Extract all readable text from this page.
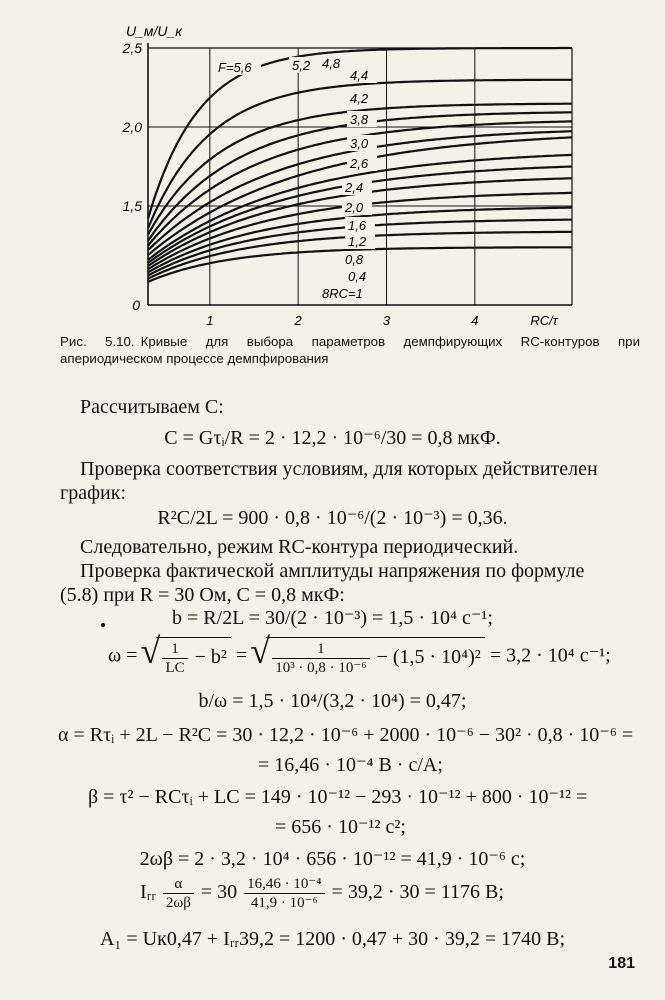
2,5
2,0
1,5
0
1	2	3	4	RC/τ
U_м/U_к
F=5,6	5,2 4,8
4,4
4,2
3,8
3,0
2,6
2,4
2,0
1,6
1,2
0,8
0,4
8RC=1
Рис. 5.10. Кривые для выбора параметров демпфирующих RC-контуров при апериодическом процессе демпфирования
Рассчитываем C:
C = Gτᵢ/R = 2 · 12,2 · 10⁻⁶/30 = 0,8 мкФ.
Проверка соответствия условиям, для которых действителен
график:
R²C/2L = 900 · 0,8 · 10⁻⁶/(2 · 10⁻³) = 0,36.
Следовательно, режим RC-контура периодический.
Проверка фактической амплитуды напряжения по формуле
(5.8) при R = 30 Ом, C = 0,8 мкФ:
b = R/2L = 30/(2 · 10⁻³) = 1,5 · 10⁴ с⁻¹;
ω = √ $\frac{1}{LC} - b^2$ = √ $\frac{1}{\text{10³ · 0,8 · 10⁻⁶}} - (1,5 \cdot 10^4)^2 = 3,2 \cdot 10^4$ с⁻¹;
b/ω = 1,5 · 10⁴/(3,2 · 10⁴) = 0,47;
α = Rτᵢ + 2L − R²C = 30 · 12,2 · 10⁻⁶ + 2000 · 10⁻⁶ − 30² · 0,8 · 10⁻⁶ =
= 16,46 · 10⁻⁴ В · с/А;
β = τ² − RCτᵢ + LC = 149 · 10⁻¹² − 293 · 10⁻¹² + 800 · 10⁻¹² =
= 656 · 10⁻¹² с²;
2ωβ = 2 · 3,2 · 10⁴ · 656 · 10⁻¹² = 41,9 · 10⁻⁶ с;
Iᵣᵣ $\frac{\alpha}{2\omega\beta} = 30 \frac{\text{16,46 · 10⁻⁴}}{\text{41,9 · 10⁻⁶}} = 39,2 \cdot 30 = 1176$ В;
A₁ = Uк0,47 + Iᵣᵣ39,2 = 1200 · 0,47 + 30 · 39,2 = 1740 В;
181
